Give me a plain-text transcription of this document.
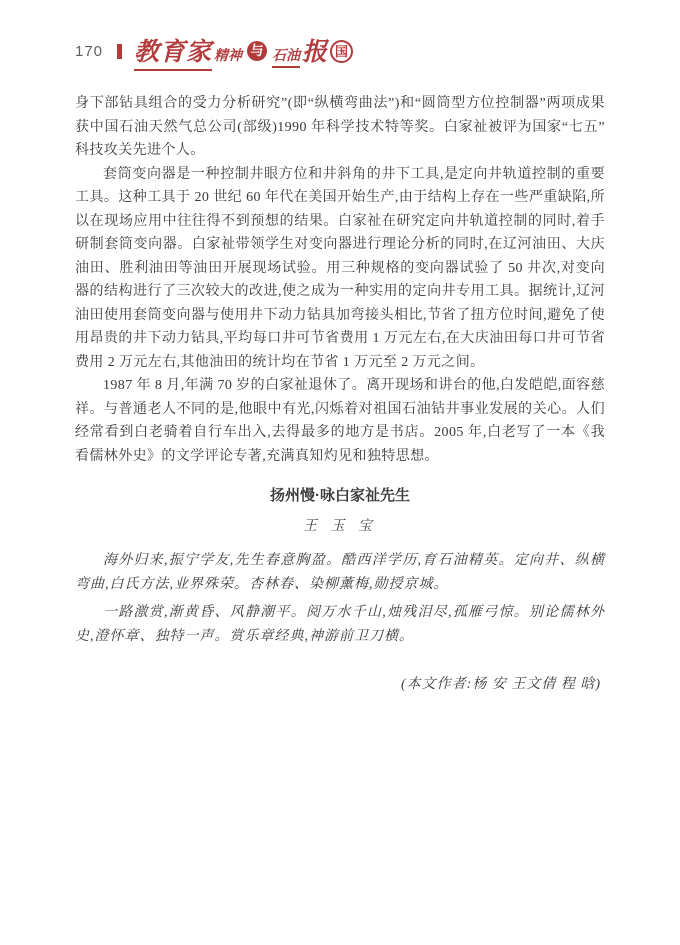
170 教育家 精神 与 石油 报 国

身下部钻具组合的受力分析研究”(即“纵横弯曲法”)和“圆筒型方位控制器”两项成果获中国石油天然气总公司(部级)1990 年科学技术特等奖。白家祉被评为国家“七五”科技攻关先进个人。

套筒变向器是一种控制井眼方位和井斜角的井下工具,是定向井轨道控制的重要工具。这种工具于 20 世纪 60 年代在美国开始生产,由于结构上存在一些严重缺陷,所以在现场应用中往往得不到预想的结果。白家祉在研究定向井轨道控制的同时,着手研制套筒变向器。白家祉带领学生对变向器进行理论分析的同时,在辽河油田、大庆油田、胜利油田等油田开展现场试验。用三种规格的变向器试验了 50 井次,对变向器的结构进行了三次较大的改进,使之成为一种实用的定向井专用工具。据统计,辽河油田使用套筒变向器与使用井下动力钻具加弯接头相比,节省了扭方位时间,避免了使用昂贵的井下动力钻具,平均每口井可节省费用 1 万元左右,在大庆油田每口井可节省费用 2 万元左右,其他油田的统计均在节省 1 万元至 2 万元之间。

1987 年 8 月,年满 70 岁的白家祉退休了。离开现场和讲台的他,白发皑皑,面容慈祥。与普通老人不同的是,他眼中有光,闪烁着对祖国石油钻井事业发展的关心。人们经常看到白老骑着自行车出入,去得最多的地方是书店。2005 年,白老写了一本《我看儒林外史》的文学评论专著,充满真知灼见和独特思想。

扬州慢·咏白家祉先生

王 玉 宝

海外归来,振宁学友,先生春意胸盈。酷西洋学历,育石油精英。定向井、纵横弯曲,白氏方法,业界殊荣。杏林春、染柳薰梅,勋授京城。

一路激赏,渐黄昏、风静潮平。阅万水千山,烛残泪尽,孤雁弓惊。别论儒林外史,澄怀章、独特一声。赏乐章经典,神游前卫刀横。

(本文作者:杨 安 王文倩 程 晗)
